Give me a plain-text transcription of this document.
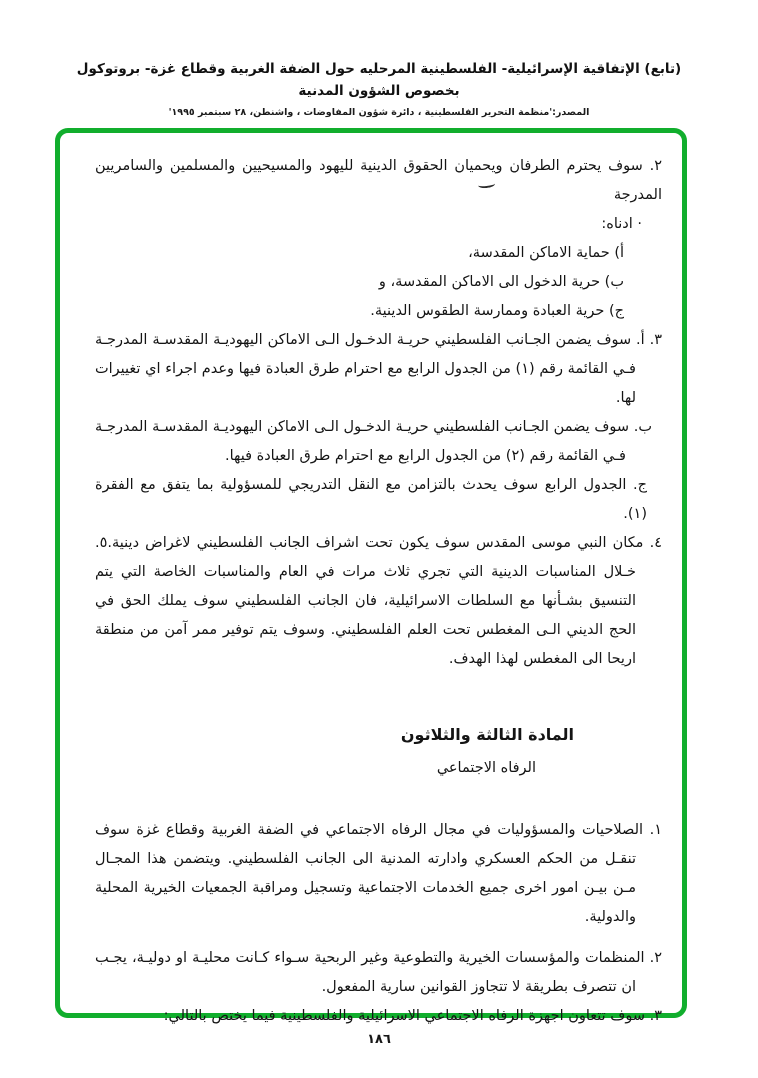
(تابع) الإتفاقية الإسرائيلية- الفلسطينية المرحليه حول الضفة الغربية وقطاع غزة- بروتوكول بخصوص الشؤون المدنية
المصدر:'منظمة التحرير الفلسطينية ، دائرة شؤون المفاوضات ، واشنطن، ٢٨ سبتمبر ١٩٩٥'
٢. سوف يحترم الطرفان ويحميان الحقوق الدينية لليهود والمسيحيين والمسلمين والسامريين المدرجة
· ادناه:
أ) حماية الاماكن المقدسة،
ب) حرية الدخول الى الاماكن المقدسة، و
ج) حرية العبادة وممارسة الطقوس الدينية.
٣. أ. سوف يضمن الجـانب الفلسطيني حريـة الدخـول الـى الاماكن اليهوديـة المقدسـة المدرجـة فـي القائمة رقم (١) من الجدول الرابع مع احترام طرق العبادة فيها وعدم اجراء اي تغييرات لها.
ب. سوف يضمن الجـانب الفلسطيني حريـة الدخـول الـى الاماكن اليهوديـة المقدسـة المدرجـة فـي القائمة رقم (٢) من الجدول الرابع مع احترام طرق العبادة فيها.
ج. الجدول الرابع سوف يحدث بالتزامن مع النقل التدريجي للمسؤولية بما يتفق مع الفقرة (١).
٤. مكان النبي موسى المقدس سوف يكون تحت اشراف الجانب الفلسطيني لاغراض دينية.٥. خـلال المناسبات الدينية التي تجري ثلاث مرات في العام والمناسبات الخاصة التي يتم التنسيق بشـأنها مع السلطات الاسرائيلية، فان الجانب الفلسطيني سوف يملك الحق في الحج الديني الـى المغطس تحت العلم الفلسطيني. وسوف يتم توفير ممر آمن من منطقة اريحا الى المغطس لهذا الهدف.
المادة الثالثة والثلاثون
الرفاه الاجتماعي
١. الصلاحيات والمسؤوليات في مجال الرفاه الاجتماعي في الضفة الغربية وقطاع غزة سوف تنقـل من الحكم العسكري وادارته المدنية الى الجانب الفلسطيني. ويتضمن هذا المجـال مـن بيـن امور اخرى جميع الخدمات الاجتماعية وتسجيل ومراقبة الجمعيات الخيرية المحلية والدولية.
٢. المنظمات والمؤسسات الخيرية والتطوعية وغير الربحية سـواء كـانت محليـة او دوليـة، يجـب ان تتصرف بطريقة لا تتجاوز القوانين سارية المفعول.
٣. سوف تتعاون اجهزة الرفاه الاجتماعي الاسرائيلية والفلسطينية فيما يختص بالتالي:
١٨٦
